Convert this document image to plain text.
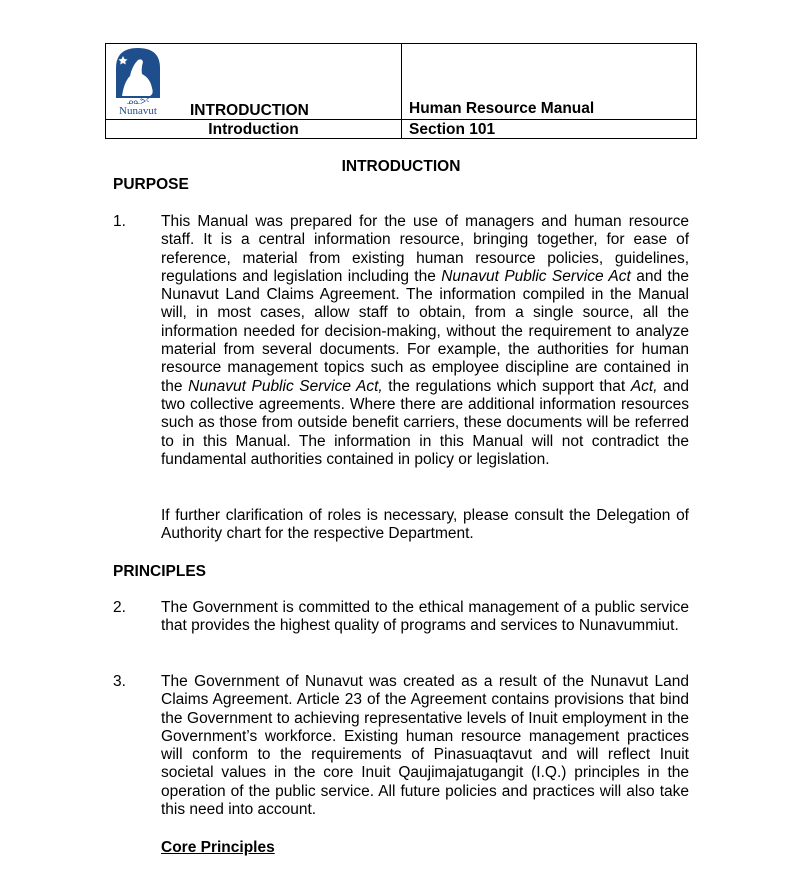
ᓄᓇᕗᑦ
Nunavut INTRODUCTION
Introduction
Human Resource Manual
Section 101
INTRODUCTION
PURPOSE
1. This Manual was prepared for the use of managers and human resource staff. It is a central information resource, bringing together, for ease of reference, material from existing human resource policies, guidelines, regulations and legislation including the Nunavut Public Service Act and the Nunavut Land Claims Agreement. The information compiled in the Manual will, in most cases, allow staff to obtain, from a single source, all the information needed for decision-making, without the requirement to analyze material from several documents. For example, the authorities for human resource management topics such as employee discipline are contained in the Nunavut Public Service Act, the regulations which support that Act, and two collective agreements. Where there are additional information resources such as those from outside benefit carriers, these documents will be referred to in this Manual. The information in this Manual will not contradict the fundamental authorities contained in policy or legislation.
If further clarification of roles is necessary, please consult the Delegation of Authority chart for the respective Department.
PRINCIPLES
2. The Government is committed to the ethical management of a public service that provides the highest quality of programs and services to Nunavummiut.
3. The Government of Nunavut was created as a result of the Nunavut Land Claims Agreement. Article 23 of the Agreement contains provisions that bind the Government to achieving representative levels of Inuit employment in the Government’s workforce. Existing human resource management practices will conform to the requirements of Pinasuaqtavut and will reflect Inuit societal values in the core Inuit Qaujimajatugangit (I.Q.) principles in the operation of the public service. All future policies and practices will also take this need into account.
Core Principles
